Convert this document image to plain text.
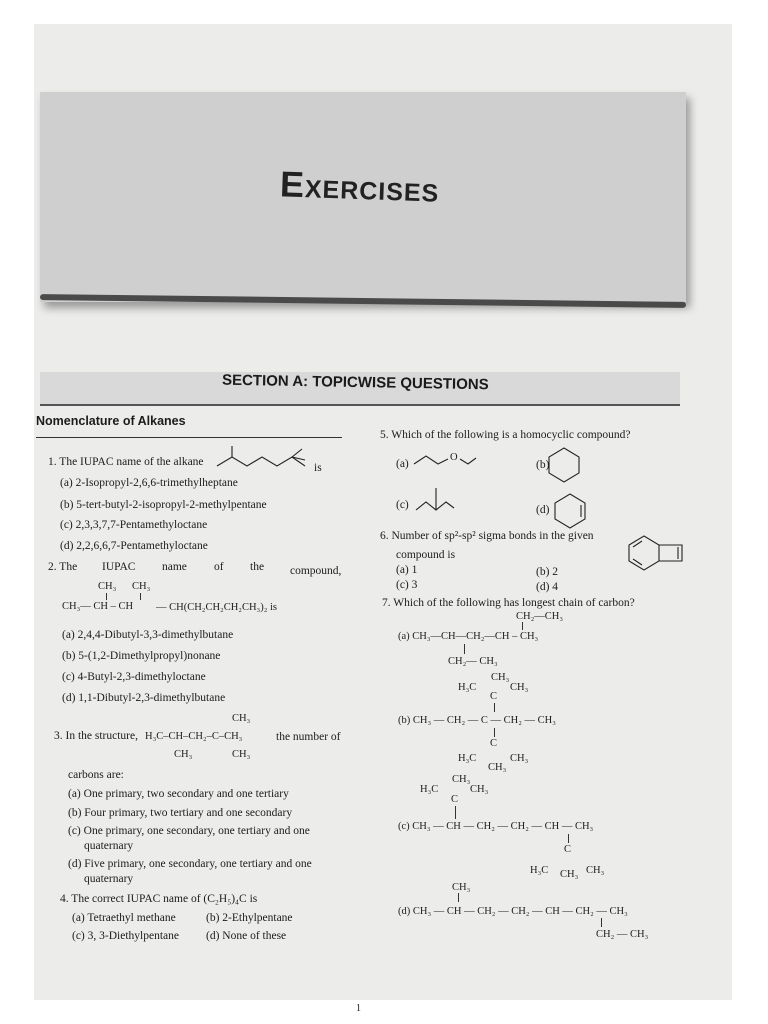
Exercises
SECTION A: TOPICWISE QUESTIONS
Nomenclature of Alkanes
1. The IUPAC name of the alkane	is
(a) 2-Isopropyl-2,6,6-trimethylheptane
(b) 5-tert-butyl-2-isopropyl-2-methylpentane
(c) 2,3,3,7,7-Pentamethyloctane
(d) 2,2,6,6,7-Pentamethyloctane
2. The IUPAC name of the compound,
CH₃ CH₃
CH₃— CH – CH — CH(CH₂CH₂CH₂CH₃)₂ is
(a) 2,4,4-Dibutyl-3,3-dimethylbutane
(b) 5-(1,2-Dimethylpropyl)nonane
(c) 4-Butyl-2,3-dimethyloctane
(d) 1,1-Dibutyl-2,3-dimethylbutane
CH₃
3. In the structure, H₃C–CH–CH₂–C–CH₃	the number of
CH₃	CH₃
carbons are:
(a) One primary, two secondary and one tertiary
(b) Four primary, two tertiary and one secondary
(c) One primary, one secondary, one tertiary and one
quaternary
(d) Five primary, one secondary, one tertiary and one
quaternary
4. The correct IUPAC name of (C₂H₅)₄C is
(a) Tetraethyl methane	(b) 2-Ethylpentane
(c) 3, 3-Diethylpentane (d) None of these
5. Which of the following is a homocyclic compound?
(a)
O
(b)
(c)	(d)
6. Number of sp²-sp² sigma bonds in the given
compound is
(a) 1	(b) 2
(c) 3	(d) 4
7. Which of the following has longest chain of carbon?
CH₂—CH₃
(a) CH₃—CH—CH₂—CH – CH₃
CH₂— CH₃
CH₃
H₃C	CH₃
C
(b) CH₃ — CH₂ — C — CH₂ — CH₃
C
H₃C	CH₃
CH₃
CH₃
H₃C	CH₃
C
(c) CH₃ — CH — CH₂ — CH₂ — CH — CH₃
C
H₃C CH₃ CH₃
CH₃
(d) CH₃ — CH — CH₂ — CH₂ — CH — CH₂ — CH₃
CH₂ — CH₃
1
